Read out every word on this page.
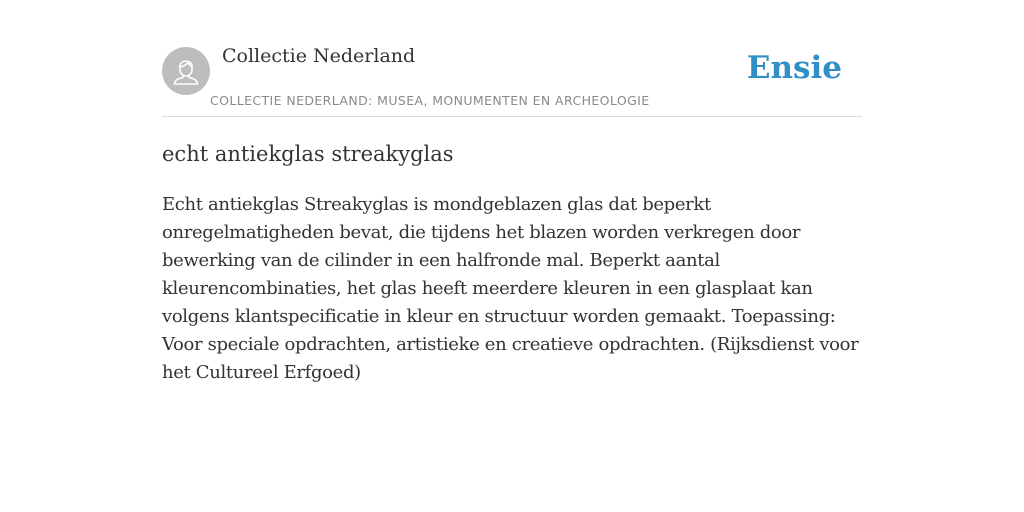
Collectie Nederland
COLLECTIE NEDERLAND: MUSEA, MONUMENTEN EN ARCHEOLOGIE
Ensie
echt antiekglas streakyglas

Echt antiekglas Streakyglas is mondgeblazen glas dat beperkt onregelmatigheden bevat, die tijdens het blazen worden verkregen door bewerking van de cilinder in een halfronde mal. Beperkt aantal kleurencombinaties, het glas heeft meerdere kleuren in een glasplaat kan volgens klantspecificatie in kleur en structuur worden gemaakt. Toepassing: Voor speciale opdrachten, artistieke en creatieve opdrachten. (Rijksdienst voor het Cultureel Erfgoed)
